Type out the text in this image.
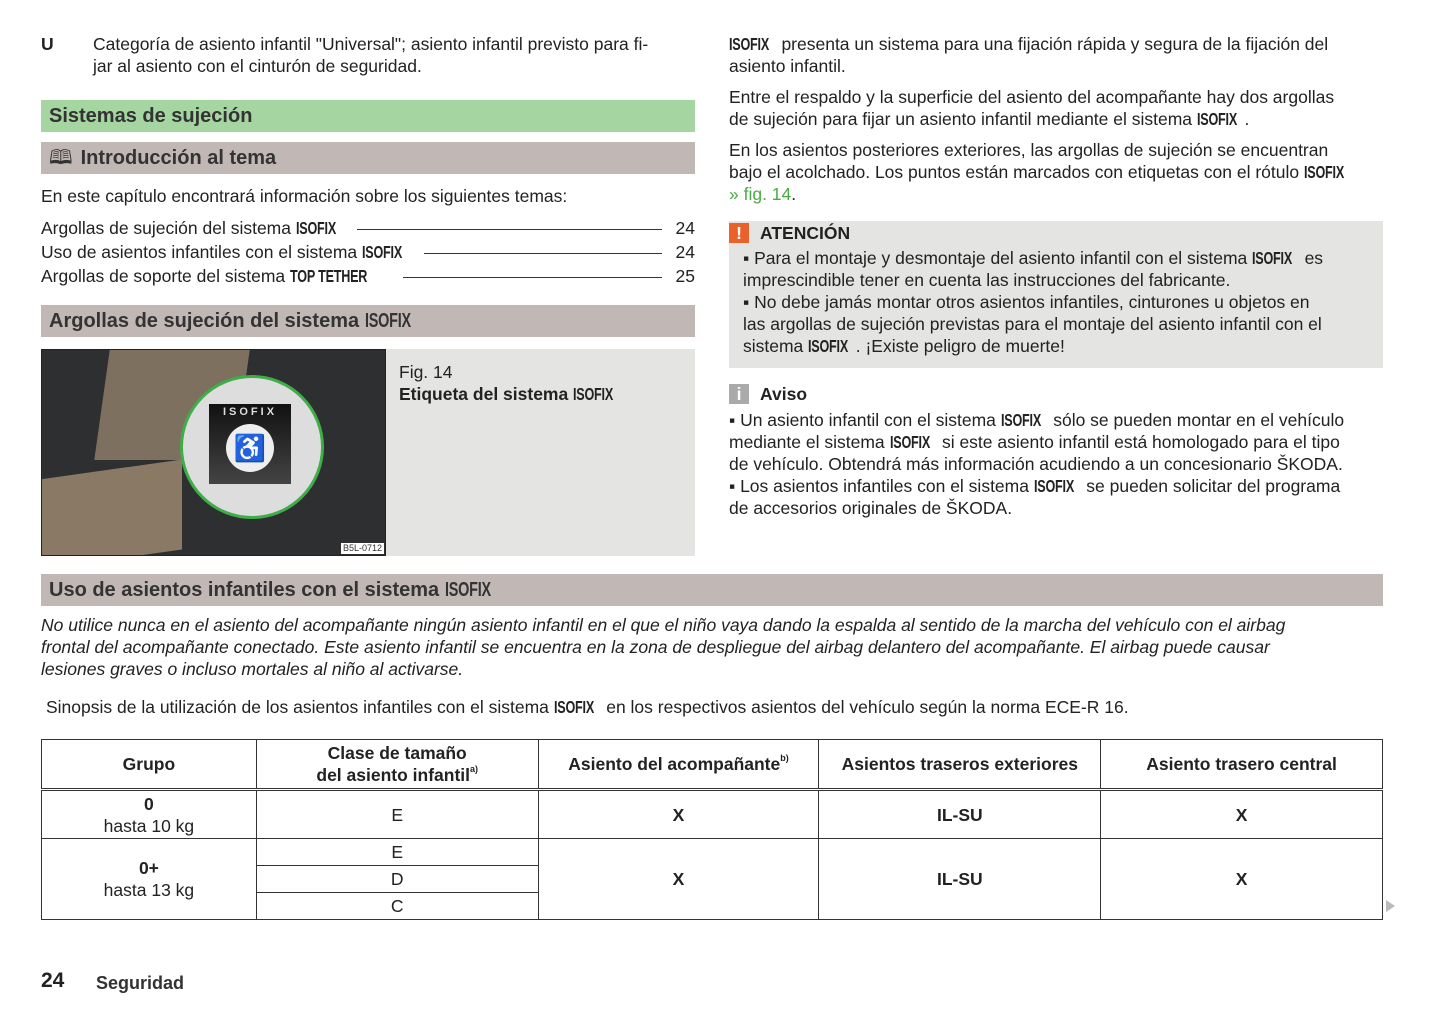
U Categoría de asiento infantil "Universal"; asiento infantil previsto para fi-
jar al asiento con el cinturón de seguridad.
Sistemas de sujeción
🕮 Introducción al tema
En este capítulo encontrará información sobre los siguientes temas:
Argollas de sujeción del sistema ISOFIX	24
Uso de asientos infantiles con el sistema ISOFIX	24
Argollas de soporte del sistema TOP TETHER	25
Argollas de sujeción del sistema ISOFIX
ISOFIX
♿
B5L-0712
Fig. 14
Etiqueta del sistema ISOFIX
ISOFIX presenta un sistema para una fijación rápida y segura de la fijación del
asiento infantil.
Entre el respaldo y la superficie del asiento del acompañante hay dos argollas
de sujeción para fijar un asiento infantil mediante el sistema ISOFIX .
En los asientos posteriores exteriores, las argollas de sujeción se encuentran
bajo el acolchado. Los puntos están marcados con etiquetas con el rótulo ISOFIX
» fig. 14.
!	ATENCIÓN
▪ Para el montaje y desmontaje del asiento infantil con el sistema ISOFIX es
imprescindible tener en cuenta las instrucciones del fabricante.
▪ No debe jamás montar otros asientos infantiles, cinturones u objetos en
las argollas de sujeción previstas para el montaje del asiento infantil con el
sistema ISOFIX . ¡Existe peligro de muerte!
i	Aviso
▪ Un asiento infantil con el sistema ISOFIX sólo se pueden montar en el vehículo
mediante el sistema ISOFIX si este asiento infantil está homologado para el tipo
de vehículo. Obtendrá más información acudiendo a un concesionario ŠKODA.
▪ Los asientos infantiles con el sistema ISOFIX se pueden solicitar del programa
de accesorios originales de ŠKODA.
Uso de asientos infantiles con el sistema ISOFIX
No utilice nunca en el asiento del acompañante ningún asiento infantil en el que el niño vaya dando la espalda al sentido de la marcha del vehículo con el airbag
frontal del acompañante conectado. Este asiento infantil se encuentra en la zona de despliegue del airbag delantero del acompañante. El airbag puede causar
lesiones graves o incluso mortales al niño al activarse.
Sinopsis de la utilización de los asientos infantiles con el sistema ISOFIX en los respectivos asientos del vehículo según la norma ECE-R 16.
Grupo	Clase de tamaño
del asiento infantil$^{a)}$	Asiento del acompañante$^{b)}$	Asientos traseros exteriores	Asiento trasero central

0
hasta 10 kg	E	X	IL-SU	X

0+
hasta 13 kg	E	X	IL-SU	X
	D			
	C			
24 Seguridad
